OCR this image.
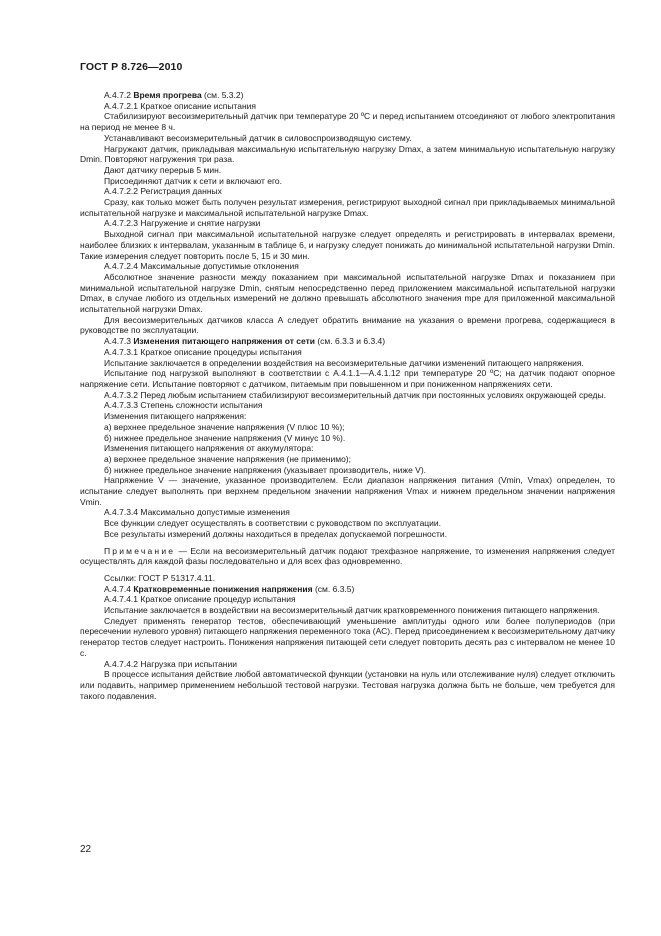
ГОСТ Р 8.726—2010

А.4.7.2 Время прогрева (см. 5.3.2)

А.4.7.2.1 Краткое описание испытания

Стабилизируют весоизмерительный датчик при температуре 20 ºС и перед испытанием отсоединяют от любого электропитания на период не менее 8 ч.

Устанавливают весоизмерительный датчик в силовоспроизводящую систему.

Нагружают датчик, прикладывая максимальную испытательную нагрузку Dmax, а затем минимальную испытательную нагрузку Dmin. Повторяют нагружения три раза.

Дают датчику перерыв 5 мин.

Присоединяют датчик к сети и включают его.

А.4.7.2.2 Регистрация данных

Сразу, как только может быть получен результат измерения, регистрируют выходной сигнал при прикладываемых минимальной испытательной нагрузке и максимальной испытательной нагрузке Dmax.

А.4.7.2.3 Нагружение и снятие нагрузки

Выходной сигнал при максимальной испытательной нагрузке следует определять и регистрировать в интервалах времени, наиболее близких к интервалам, указанным в таблице 6, и нагрузку следует понижать до минимальной испытательной нагрузки Dmin. Такие измерения следует повторить после 5, 15 и 30 мин.

А.4.7.2.4 Максимальные допустимые отклонения

Абсолютное значение разности между показанием при максимальной испытательной нагрузке Dmax и показанием при минимальной испытательной нагрузке Dmin, снятым непосредственно перед приложением максимальной испытательной нагрузки Dmax, в случае любого из отдельных измерений не должно превышать абсолютного значения mpe для приложенной максимальной испытательной нагрузки Dmax.

Для весоизмерительных датчиков класса А следует обратить внимание на указания о времени прогрева, содержащиеся в руководстве по эксплуатации.

А.4.7.3 Изменения питающего напряжения от сети (см. 6.3.3 и 6.3.4)

А.4.7.3.1 Краткое описание процедуры испытания

Испытание заключается в определении воздействия на весоизмерительные датчики изменений питающего напряжения.

Испытание под нагрузкой выполняют в соответствии с А.4.1.1—А.4.1.12 при температуре 20 ºС; на датчик подают опорное напряжение сети. Испытание повторяют с датчиком, питаемым при повышенном и при пониженном напряжениях сети.

А.4.7.3.2 Перед любым испытанием стабилизируют весоизмерительный датчик при постоянных условиях окружающей среды.

А.4.7.3.3 Степень сложности испытания

Изменения питающего напряжения:

а) верхнее предельное значение напряжения (V плюс 10 %);

б) нижнее предельное значение напряжения (V минус 10 %).

Изменения питающего напряжения от аккумулятора:

а) верхнее предельное значение напряжения (не применимо);

б) нижнее предельное значение напряжения (указывает производитель, ниже V).

Напряжение V — значение, указанное производителем. Если диапазон напряжения питания (Vmin, Vmax) определен, то испытание следует выполнять при верхнем предельном значении напряжения Vmax и нижнем предельном значении напряжения Vmin.

А.4.7.3.4 Максимально допустимые изменения

Все функции следует осуществлять в соответствии с руководством по эксплуатации.

Все результаты измерений должны находиться в пределах допускаемой погрешности.

Примечание — Если на весоизмерительный датчик подают трехфазное напряжение, то изменения напряжения следует осуществлять для каждой фазы последовательно и для всех фаз одновременно.

Ссылки: ГОСТ Р 51317.4.11.

А.4.7.4 Кратковременные понижения напряжения (см. 6.3.5)

А.4.7.4.1 Краткое описание процедур испытания

Испытание заключается в воздействии на весоизмерительный датчик кратковременного понижения питающего напряжения.

Следует применять генератор тестов, обеспечивающий уменьшение амплитуды одного или более полупериодов (при пересечении нулевого уровня) питающего напряжения переменного тока (АС). Перед присоединением к весоизмерительному датчику генератор тестов следует настроить. Понижения напряжения питающей сети следует повторить десять раз с интервалом не менее 10 с.

А.4.7.4.2 Нагрузка при испытании

В процессе испытания действие любой автоматической функции (установки на нуль или отслеживание нуля) следует отключить или подавить, например применением небольшой тестовой нагрузки. Тестовая нагрузка должна быть не больше, чем требуется для такого подавления.

22
